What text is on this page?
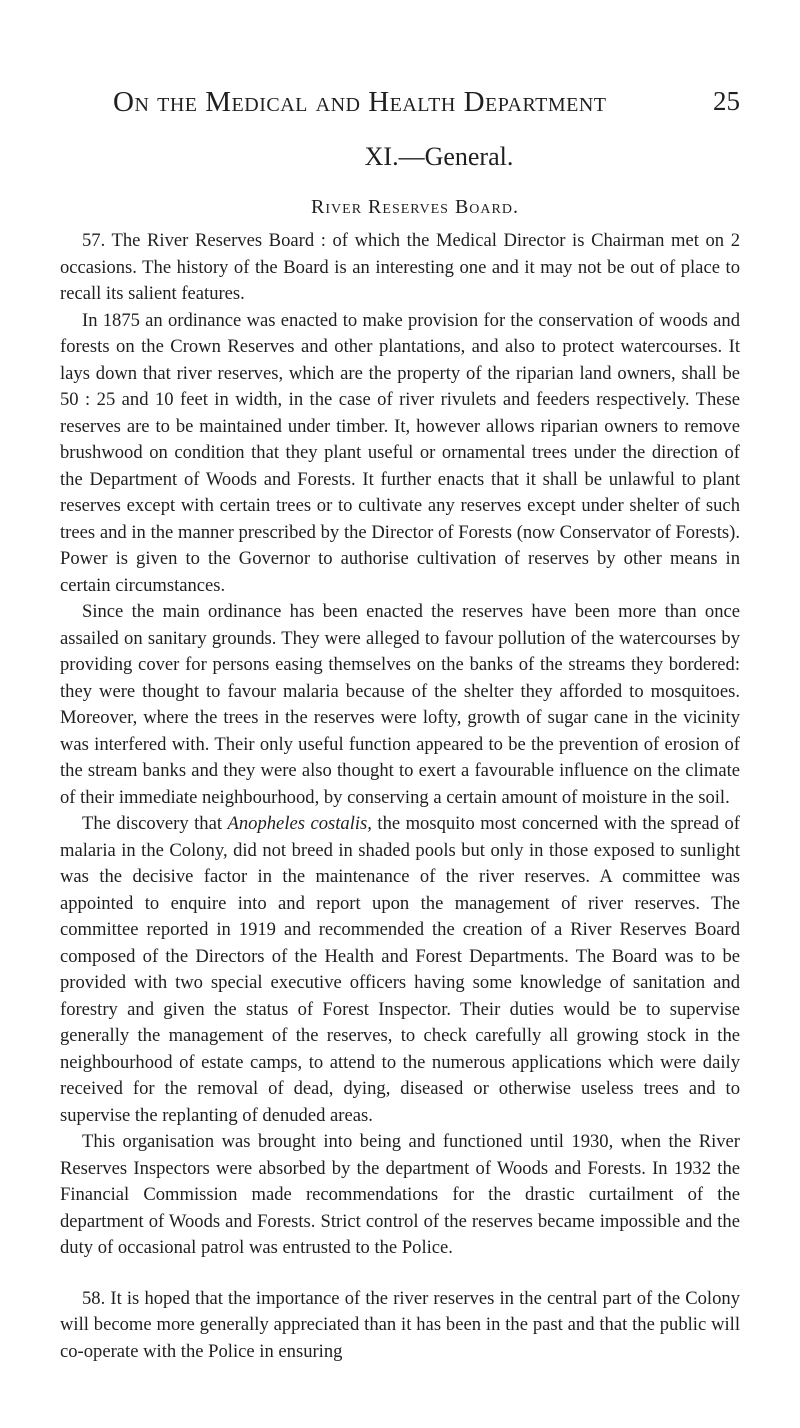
On the Medical and Health Department	25
XI.—General.
River Reserves Board.

57. The River Reserves Board : of which the Medical Director is Chairman met on 2 occasions. The history of the Board is an interesting one and it may not be out of place to recall its salient features.

In 1875 an ordinance was enacted to make provision for the conservation of woods and forests on the Crown Reserves and other plantations, and also to protect watercourses. It lays down that river reserves, which are the property of the riparian land owners, shall be 50 : 25 and 10 feet in width, in the case of river rivulets and feeders respectively. These reserves are to be maintained under timber. It, however allows riparian owners to remove brushwood on condition that they plant useful or ornamental trees under the direction of the Department of Woods and Forests. It further enacts that it shall be unlawful to plant reserves except with certain trees or to cultivate any reserves except under shelter of such trees and in the manner prescribed by the Director of Forests (now Conservator of Forests). Power is given to the Governor to authorise cultivation of reserves by other means in certain circumstances.

Since the main ordinance has been enacted the reserves have been more than once assailed on sanitary grounds. They were alleged to favour pollution of the watercourses by providing cover for persons easing themselves on the banks of the streams they bordered: they were thought to favour malaria because of the shelter they afforded to mosquitoes. Moreover, where the trees in the reserves were lofty, growth of sugar cane in the vicinity was interfered with. Their only useful function appeared to be the prevention of erosion of the stream banks and they were also thought to exert a favourable influence on the climate of their immediate neighbourhood, by conserving a certain amount of moisture in the soil.

The discovery that Anopheles costalis, the mosquito most concerned with the spread of malaria in the Colony, did not breed in shaded pools but only in those exposed to sunlight was the decisive factor in the maintenance of the river reserves. A committee was appointed to enquire into and report upon the management of river reserves. The committee reported in 1919 and recommended the creation of a River Reserves Board composed of the Directors of the Health and Forest Departments. The Board was to be provided with two special executive officers having some knowledge of sanitation and forestry and given the status of Forest Inspector. Their duties would be to supervise generally the management of the reserves, to check carefully all growing stock in the neighbourhood of estate camps, to attend to the numerous applications which were daily received for the removal of dead, dying, diseased or otherwise useless trees and to supervise the replanting of denuded areas.

This organisation was brought into being and functioned until 1930, when the River Reserves Inspectors were absorbed by the department of Woods and Forests. In 1932 the Financial Commission made recommendations for the drastic curtailment of the department of Woods and Forests. Strict control of the reserves became impossible and the duty of occasional patrol was entrusted to the Police.

58. It is hoped that the importance of the river reserves in the central part of the Colony will become more generally appreciated than it has been in the past and that the public will co-operate with the Police in ensuring
